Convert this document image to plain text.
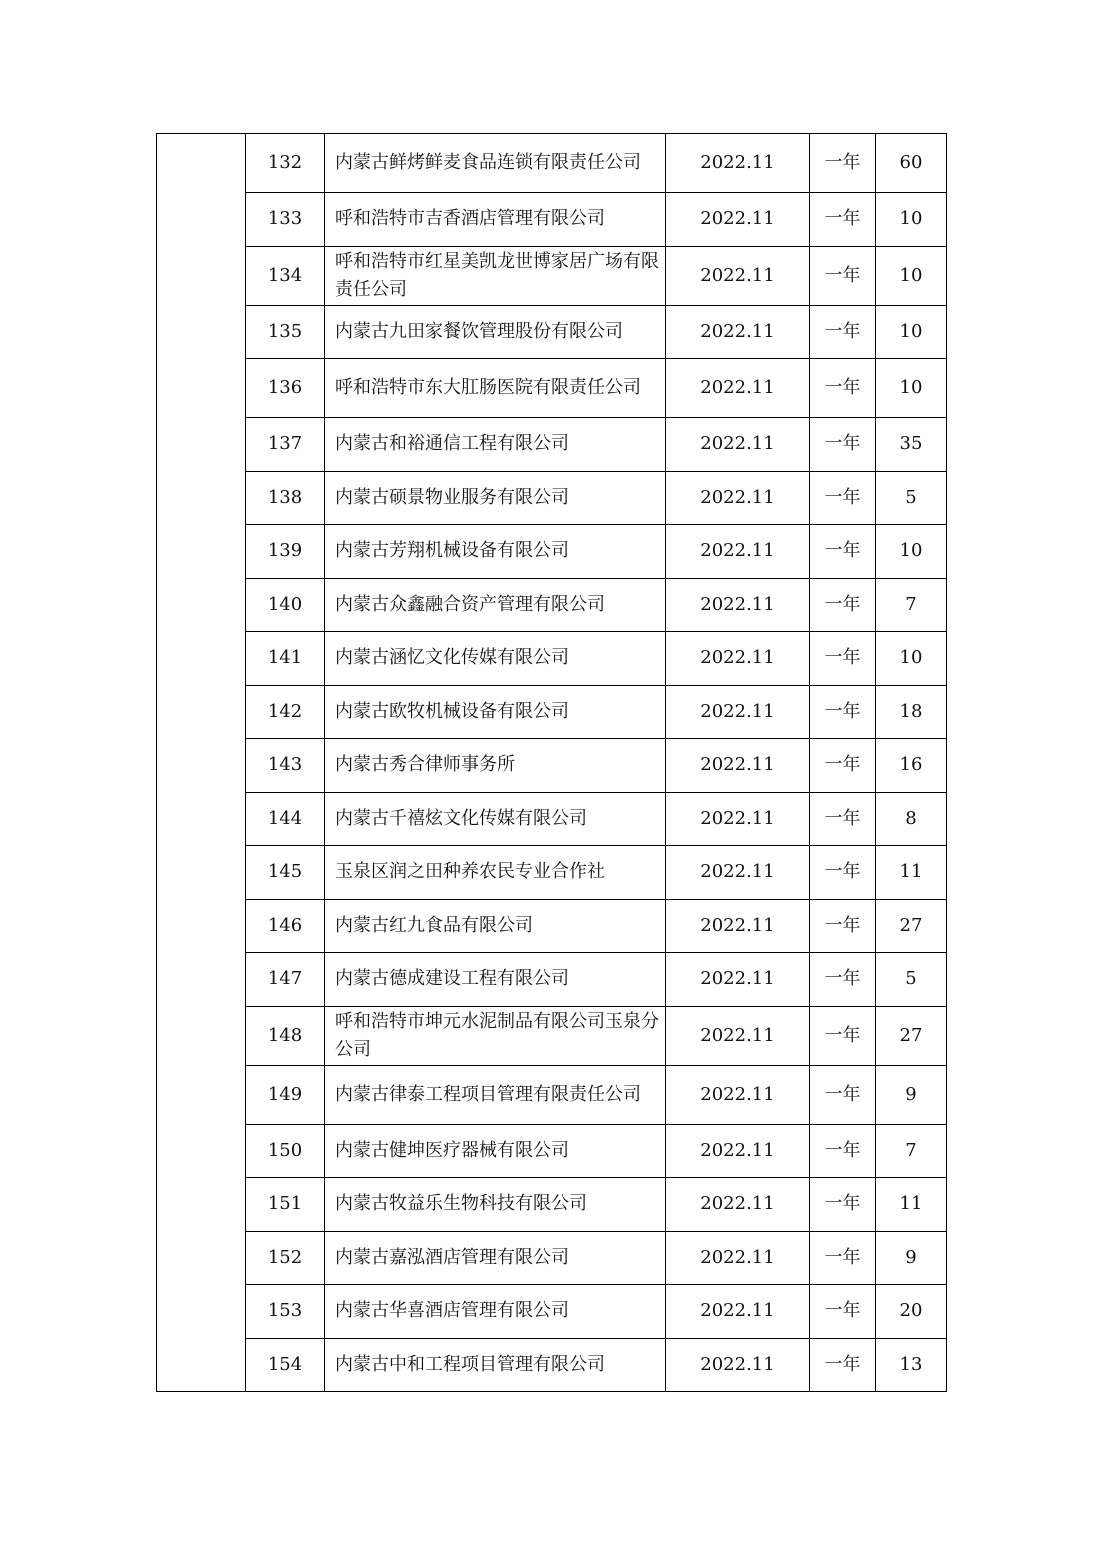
	132	内蒙古鲜烤鲜麦食品连锁有限责任公司	2022.11	一年	60
	133	呼和浩特市吉香酒店管理有限公司	2022.11	一年	10
	134	呼和浩特市红星美凯龙世博家居广场有限责任公司	2022.11	一年	10
	135	内蒙古九田家餐饮管理股份有限公司	2022.11	一年	10
	136	呼和浩特市东大肛肠医院有限责任公司	2022.11	一年	10
	137	内蒙古和裕通信工程有限公司	2022.11	一年	35
	138	内蒙古硕景物业服务有限公司	2022.11	一年	5
	139	内蒙古芳翔机械设备有限公司	2022.11	一年	10
	140	内蒙古众鑫融合资产管理有限公司	2022.11	一年	7
	141	内蒙古涵忆文化传媒有限公司	2022.11	一年	10
	142	内蒙古欧牧机械设备有限公司	2022.11	一年	18
	143	内蒙古秀合律师事务所	2022.11	一年	16
	144	内蒙古千禧炫文化传媒有限公司	2022.11	一年	8
	145	玉泉区润之田种养农民专业合作社	2022.11	一年	11
	146	内蒙古红九食品有限公司	2022.11	一年	27
	147	内蒙古德成建设工程有限公司	2022.11	一年	5
	148	呼和浩特市坤元水泥制品有限公司玉泉分公司	2022.11	一年	27
	149	内蒙古律泰工程项目管理有限责任公司	2022.11	一年	9
	150	内蒙古健坤医疗器械有限公司	2022.11	一年	7
	151	内蒙古牧益乐生物科技有限公司	2022.11	一年	11
	152	内蒙古嘉泓酒店管理有限公司	2022.11	一年	9
	153	内蒙古华喜酒店管理有限公司	2022.11	一年	20
	154	内蒙古中和工程项目管理有限公司	2022.11	一年	13
